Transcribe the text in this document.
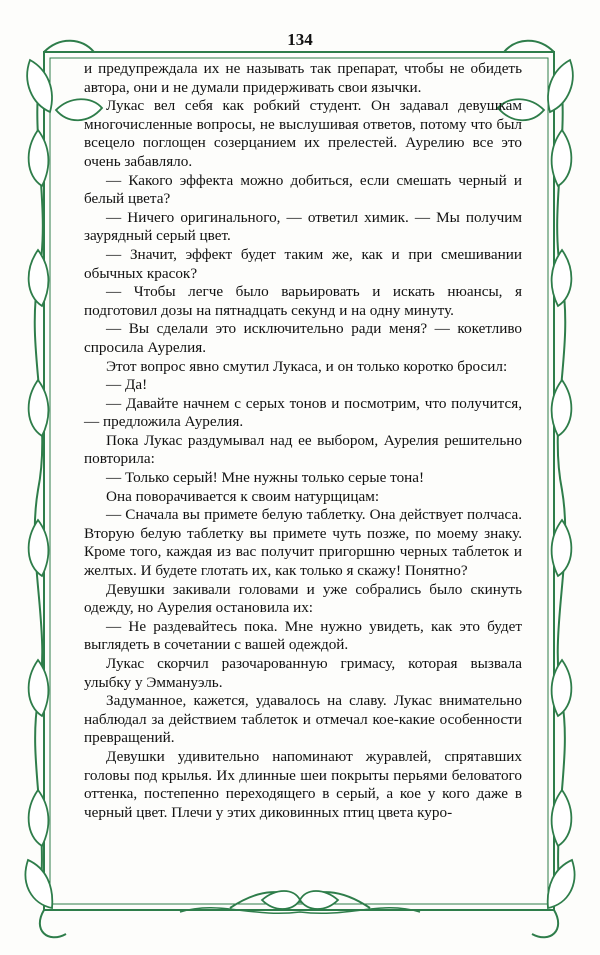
134

и предупреждала их не называть так препарат, чтобы не обидеть автора, они и не думали придерживать свои язычки.

Лукас вел себя как робкий студент. Он задавал девушкам многочисленные вопросы, не выслушивая ответов, потому что был всецело поглощен созерцанием их прелестей. Аурелию все это очень забавляло.

— Какого эффекта можно добиться, если смешать черный и белый цвета?

— Ничего оригинального, — ответил химик. — Мы получим заурядный серый цвет.

— Значит, эффект будет таким же, как и при смешивании обычных красок?

— Чтобы легче было варьировать и искать нюансы, я подготовил дозы на пятнадцать секунд и на одну минуту.

— Вы сделали это исключительно ради меня? — кокетливо спросила Аурелия.

Этот вопрос явно смутил Лукаса, и он только коротко бросил:

— Да!

— Давайте начнем с серых тонов и посмотрим, что получится, — предложила Аурелия.

Пока Лукас раздумывал над ее выбором, Аурелия решительно повторила:

— Только серый! Мне нужны только серые тона!

Она поворачивается к своим натурщицам:

— Сначала вы примете белую таблетку. Она действует полчаса. Вторую белую таблетку вы примете чуть позже, по моему знаку. Кроме того, каждая из вас получит пригоршню черных таблеток и желтых. И будете глотать их, как только я скажу! Понятно?

Девушки закивали головами и уже собрались было скинуть одежду, но Аурелия остановила их:

— Не раздевайтесь пока. Мне нужно увидеть, как это будет выглядеть в сочетании с вашей одеждой.

Лукас скорчил разочарованную гримасу, которая вызвала улыбку у Эммануэль.

Задуманное, кажется, удавалось на славу. Лукас внимательно наблюдал за действием таблеток и отмечал кое-какие особенности превращений.

Девушки удивительно напоминают журавлей, спрятавших головы под крылья. Их длинные шеи покрыты перьями беловатого оттенка, постепенно переходящего в серый, а кое у кого даже в черный цвет. Плечи у этих диковинных птиц цвета куро-
